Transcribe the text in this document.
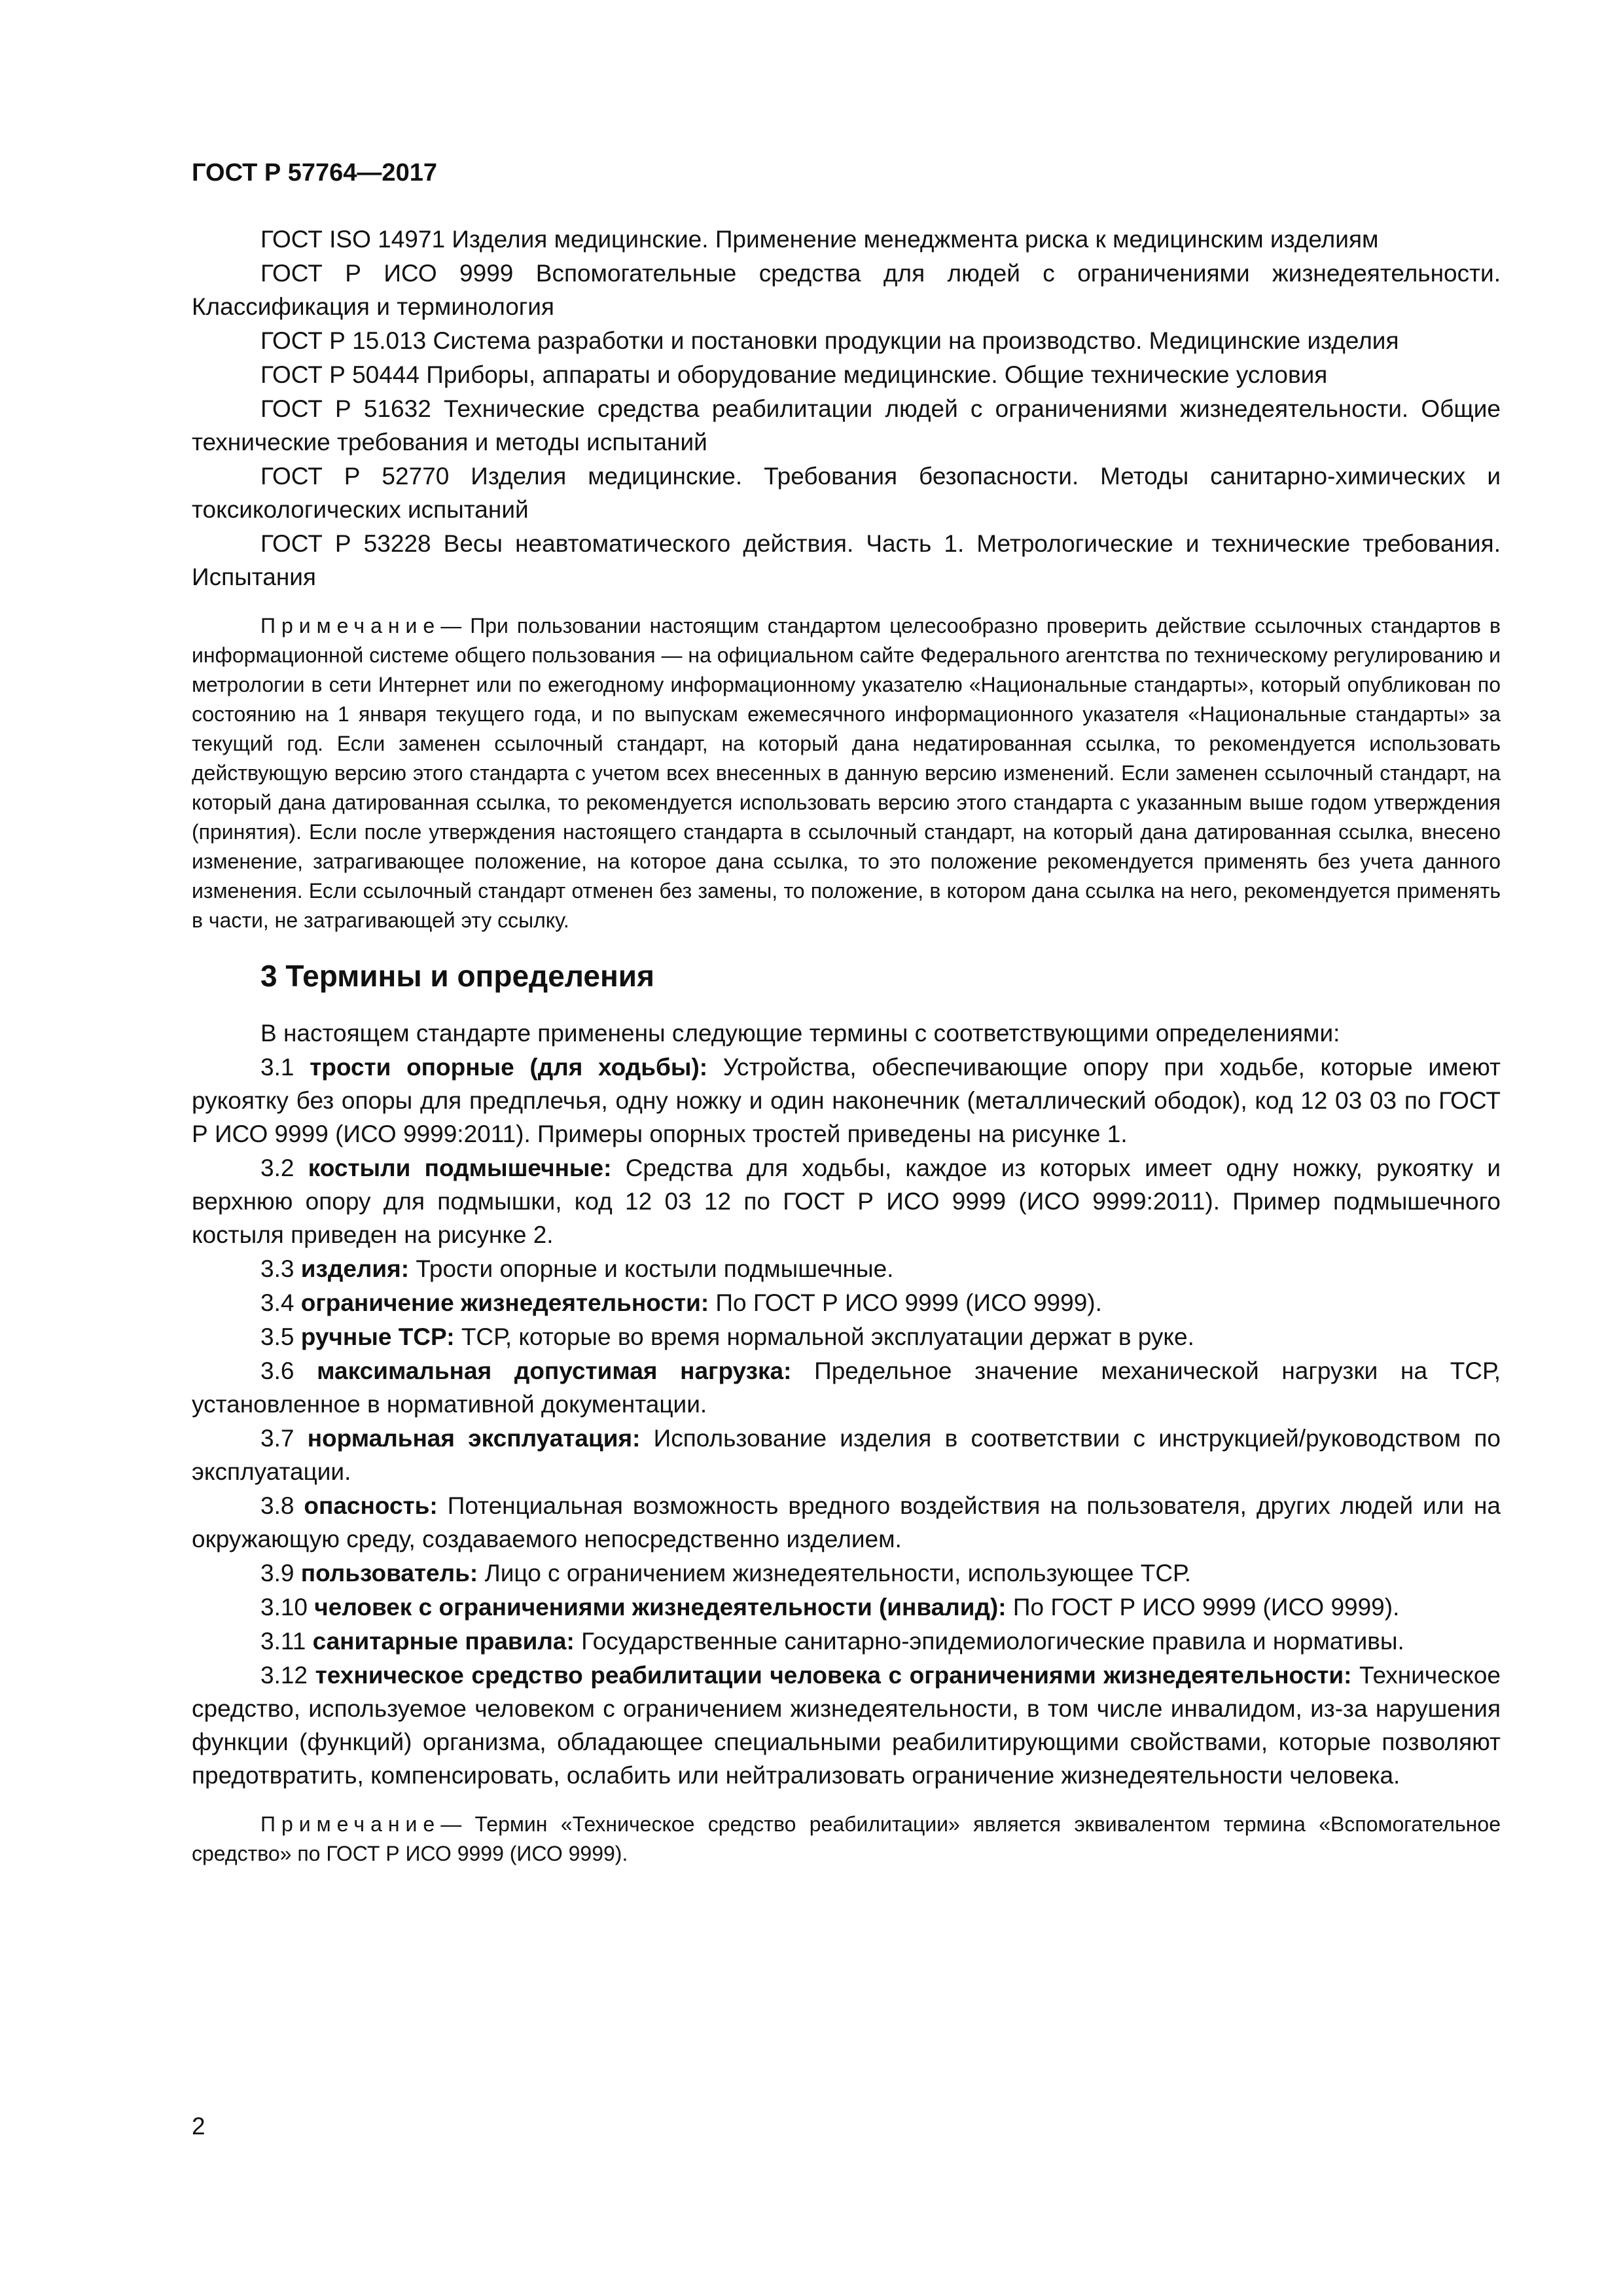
ГОСТ Р 57764—2017

ГОСТ ISO 14971 Изделия медицинские. Применение менеджмента риска к медицинским изделиям

ГОСТ Р ИСО 9999 Вспомогательные средства для людей с ограничениями жизнедеятельности. Классификация и терминология

ГОСТ Р 15.013 Система разработки и постановки продукции на производство. Медицинские изделия

ГОСТ Р 50444 Приборы, аппараты и оборудование медицинские. Общие технические условия

ГОСТ Р 51632 Технические средства реабилитации людей с ограничениями жизнедеятельности. Общие технические требования и методы испытаний

ГОСТ Р 52770 Изделия медицинские. Требования безопасности. Методы санитарно-химических и токсикологических испытаний

ГОСТ Р 53228 Весы неавтоматического действия. Часть 1. Метрологические и технические требования. Испытания

Примечание— При пользовании настоящим стандартом целесообразно проверить действие ссылочных стандартов в информационной системе общего пользования — на официальном сайте Федерального агентства по техническому регулированию и метрологии в сети Интернет или по ежегодному информационному указателю «Национальные стандарты», который опубликован по состоянию на 1 января текущего года, и по выпускам ежемесячного информационного указателя «Национальные стандарты» за текущий год. Если заменен ссылочный стандарт, на который дана недатированная ссылка, то рекомендуется использовать действующую версию этого стандарта с учетом всех внесенных в данную версию изменений. Если заменен ссылочный стандарт, на который дана датированная ссылка, то рекомендуется использовать версию этого стандарта с указанным выше годом утверждения (принятия). Если после утверждения настоящего стандарта в ссылочный стандарт, на который дана датированная ссылка, внесено изменение, затрагивающее положение, на которое дана ссылка, то это положение рекомендуется применять без учета данного изменения. Если ссылочный стандарт отменен без замены, то положение, в котором дана ссылка на него, рекомендуется применять в части, не затрагивающей эту ссылку.

3 Термины и определения

В настоящем стандарте применены следующие термины с соответствующими определениями:

3.1 трости опорные (для ходьбы): Устройства, обеспечивающие опору при ходьбе, которые имеют рукоятку без опоры для предплечья, одну ножку и один наконечник (металлический ободок), код 12 03 03 по ГОСТ Р ИСО 9999 (ИСО 9999:2011). Примеры опорных тростей приведены на рисунке 1.

3.2 костыли подмышечные: Средства для ходьбы, каждое из которых имеет одну ножку, рукоятку и верхнюю опору для подмышки, код 12 03 12 по ГОСТ Р ИСО 9999 (ИСО 9999:2011). Пример подмышечного костыля приведен на рисунке 2.

3.3 изделия: Трости опорные и костыли подмышечные.

3.4 ограничение жизнедеятельности: По ГОСТ Р ИСО 9999 (ИСО 9999).

3.5 ручные ТСР: ТСР, которые во время нормальной эксплуатации держат в руке.

3.6 максимальная допустимая нагрузка: Предельное значение механической нагрузки на ТСР, установленное в нормативной документации.

3.7 нормальная эксплуатация: Использование изделия в соответствии с инструкцией/руководством по эксплуатации.

3.8 опасность: Потенциальная возможность вредного воздействия на пользователя, других людей или на окружающую среду, создаваемого непосредственно изделием.

3.9 пользователь: Лицо с ограничением жизнедеятельности, использующее ТСР.

3.10 человек с ограничениями жизнедеятельности (инвалид): По ГОСТ Р ИСО 9999 (ИСО 9999).

3.11 санитарные правила: Государственные санитарно-эпидемиологические правила и нормативы.

3.12 техническое средство реабилитации человека с ограничениями жизнедеятельности: Техническое средство, используемое человеком с ограничением жизнедеятельности, в том числе инвалидом, из-за нарушения функции (функций) организма, обладающее специальными реабилитирующими свойствами, которые позволяют предотвратить, компенсировать, ослабить или нейтрализовать ограничение жизнедеятельности человека.

Примечание— Термин «Техническое средство реабилитации» является эквивалентом термина «Вспомогательное средство» по ГОСТ Р ИСО 9999 (ИСО 9999).

2
